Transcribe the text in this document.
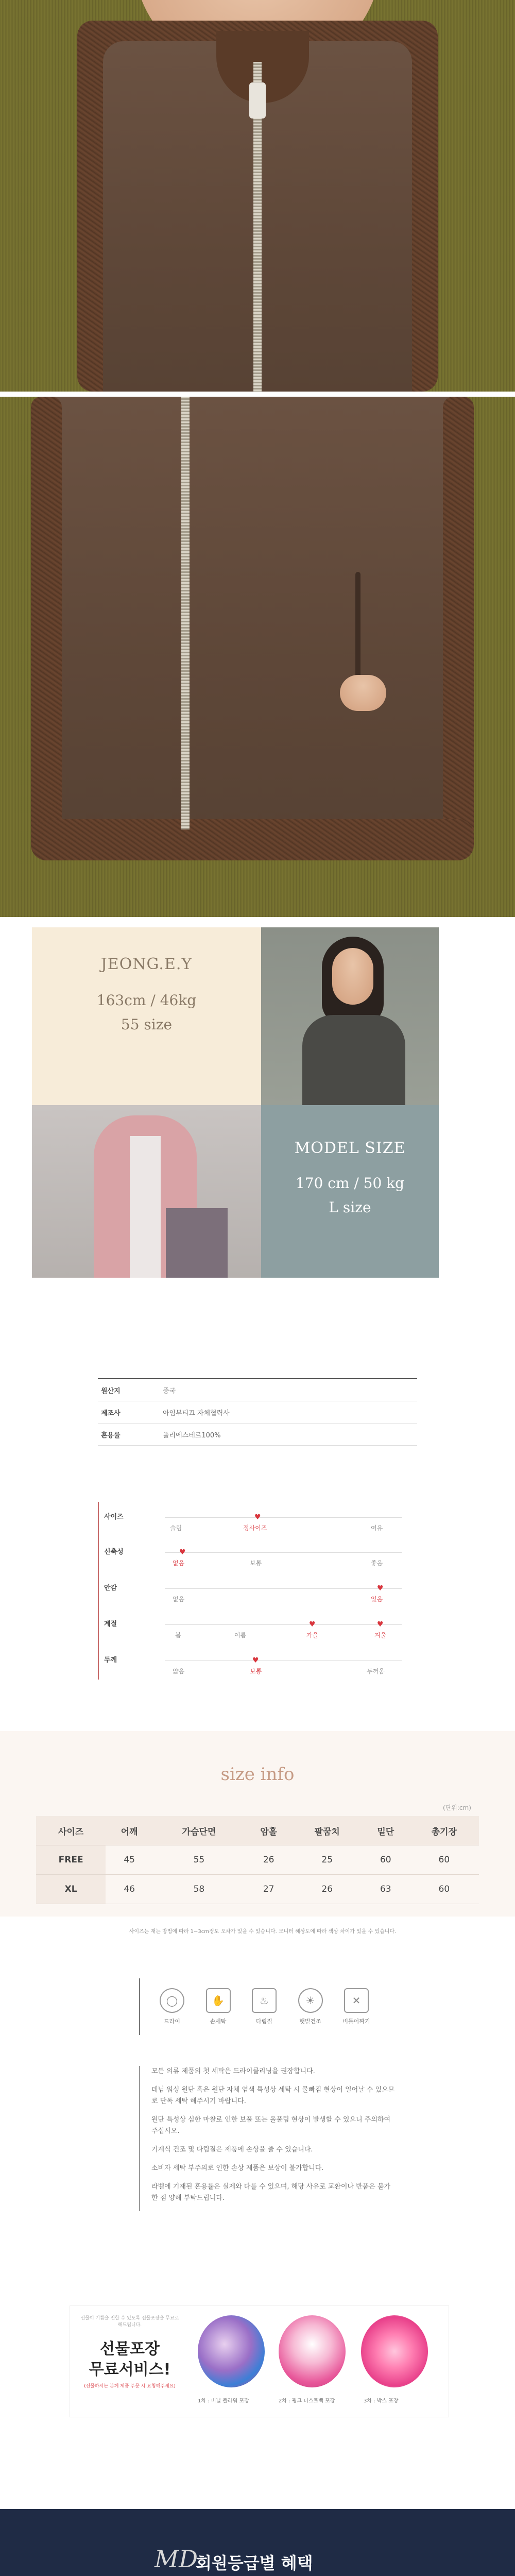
JEONG.E.Y
163cm / 46kg
55 size
MODEL SIZE
170 cm / 50 kg
L size
원산지	중국
제조사	아임부티끄 자체협력사
혼용률	폴리에스테르100%
사이즈	♥
슬림	정사이즈	여유
신축성	♥
없음	보통	좋음
안감	♥
없음	있음
계절	♥	♥
봄	여름	가을	겨울
두께	♥
얇음	보통	두꺼움
size info
(단위:cm)
사이즈	어깨	가슴단면	암홀	팔꿈치	밑단	총기장
FREE	45	55	26	25	60	60
XL	46	58	27	26	63	60
사이즈는 재는 방법에 따라 1~3cm정도 오차가 있을 수 있습니다. 모니터 해상도에 따라 색상 차이가 있을 수 있습니다.
◯
드라이
✋
손세탁
♨
다림질
☀
햇볕건조
✕
비틀어짜기
모든 의류 제품의 첫 세탁은 드라이클리닝을 권장합니다.
데님 워싱 원단 혹은 원단 자체 염색 특성상 세탁 시 물빠짐 현상이 일어날 수 있으므로 단독 세탁 해주시기 바랍니다.
원단 특성상 심한 마찰로 인한 보풀 또는 올풀림 현상이 발생할 수 있으니 주의하여 주십시오.
기계식 건조 및 다림질은 제품에 손상을 줄 수 있습니다.
소비자 세탁 부주의로 인한 손상 제품은 보상이 불가합니다.
라벨에 기재된 혼용률은 실제와 다를 수 있으며, 해당 사유로 교환이나 반품은 불가한 점 양해 부탁드립니다.
선물이 기쁨을 전할 수 있도록 선물포장을 무료로 해드립니다.
선물포장
무료서비스!
(선물하시는 분께 제품 주문 시 요청해주세요)
1차 : 비닐 플라워 포장	2차 : 핑크 더스트백 포장	3차 : 박스 포장
MD
회원등급별 혜택
